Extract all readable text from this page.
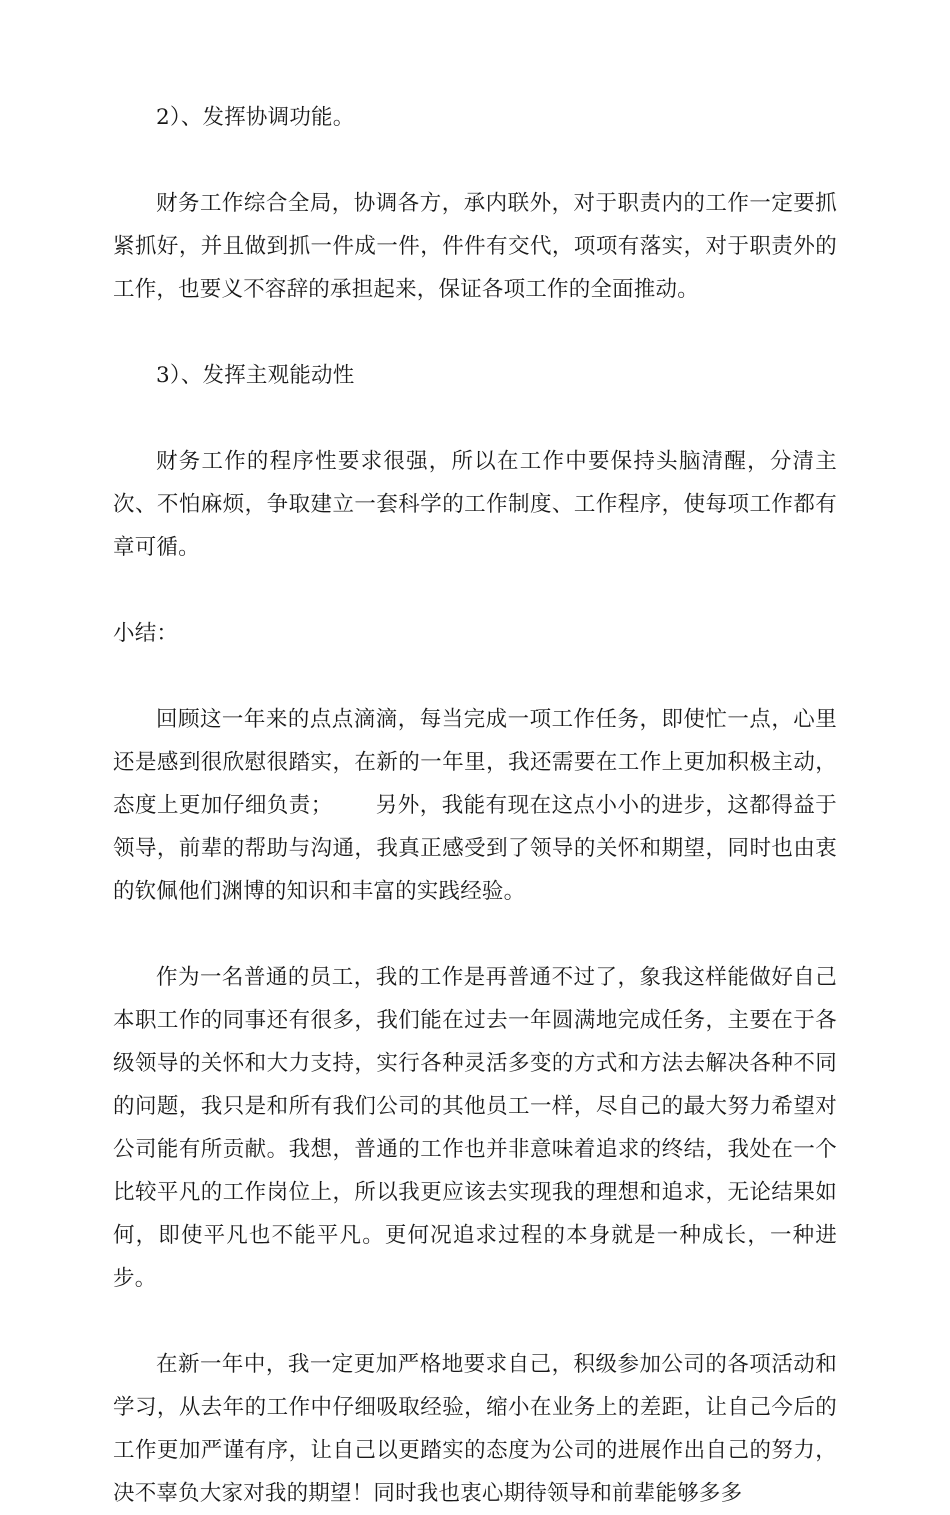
2）、发挥协调功能。

财务工作综合全局，协调各方，承内联外，对于职责内的工作一定要抓紧抓好，并且做到抓一件成一件，件件有交代，项项有落实，对于职责外的工作，也要义不容辞的承担起来，保证各项工作的全面推动。

3）、发挥主观能动性

财务工作的程序性要求很强，所以在工作中要保持头脑清醒，分清主次、不怕麻烦，争取建立一套科学的工作制度、工作程序，使每项工作都有章可循。

小结：

回顾这一年来的点点滴滴，每当完成一项工作任务，即使忙一点，心里还是感到很欣慰很踏实，在新的一年里，我还需要在工作上更加积极主动，态度上更加仔细负责； 另外，我能有现在这点小小的进步，这都得益于领导，前辈的帮助与沟通，我真正感受到了领导的关怀和期望，同时也由衷的钦佩他们渊博的知识和丰富的实践经验。

作为一名普通的员工，我的工作是再普通不过了，象我这样能做好自己本职工作的同事还有很多，我们能在过去一年圆满地完成任务，主要在于各级领导的关怀和大力支持，实行各种灵活多变的方式和方法去解决各种不同的问题，我只是和所有我们公司的其他员工一样，尽自己的最大努力希望对公司能有所贡献。我想，普通的工作也并非意味着追求的终结，我处在一个比较平凡的工作岗位上，所以我更应该去实现我的理想和追求，无论结果如何，即使平凡也不能平凡。更何况追求过程的本身就是一种成长，一种进步。

在新一年中，我一定更加严格地要求自己，积级参加公司的各项活动和学习，从去年的工作中仔细吸取经验，缩小在业务上的差距，让自己今后的工作更加严谨有序，让自己以更踏实的态度为公司的进展作出自己的努力，决不辜负大家对我的期望！同时我也衷心期待领导和前辈能够多多
